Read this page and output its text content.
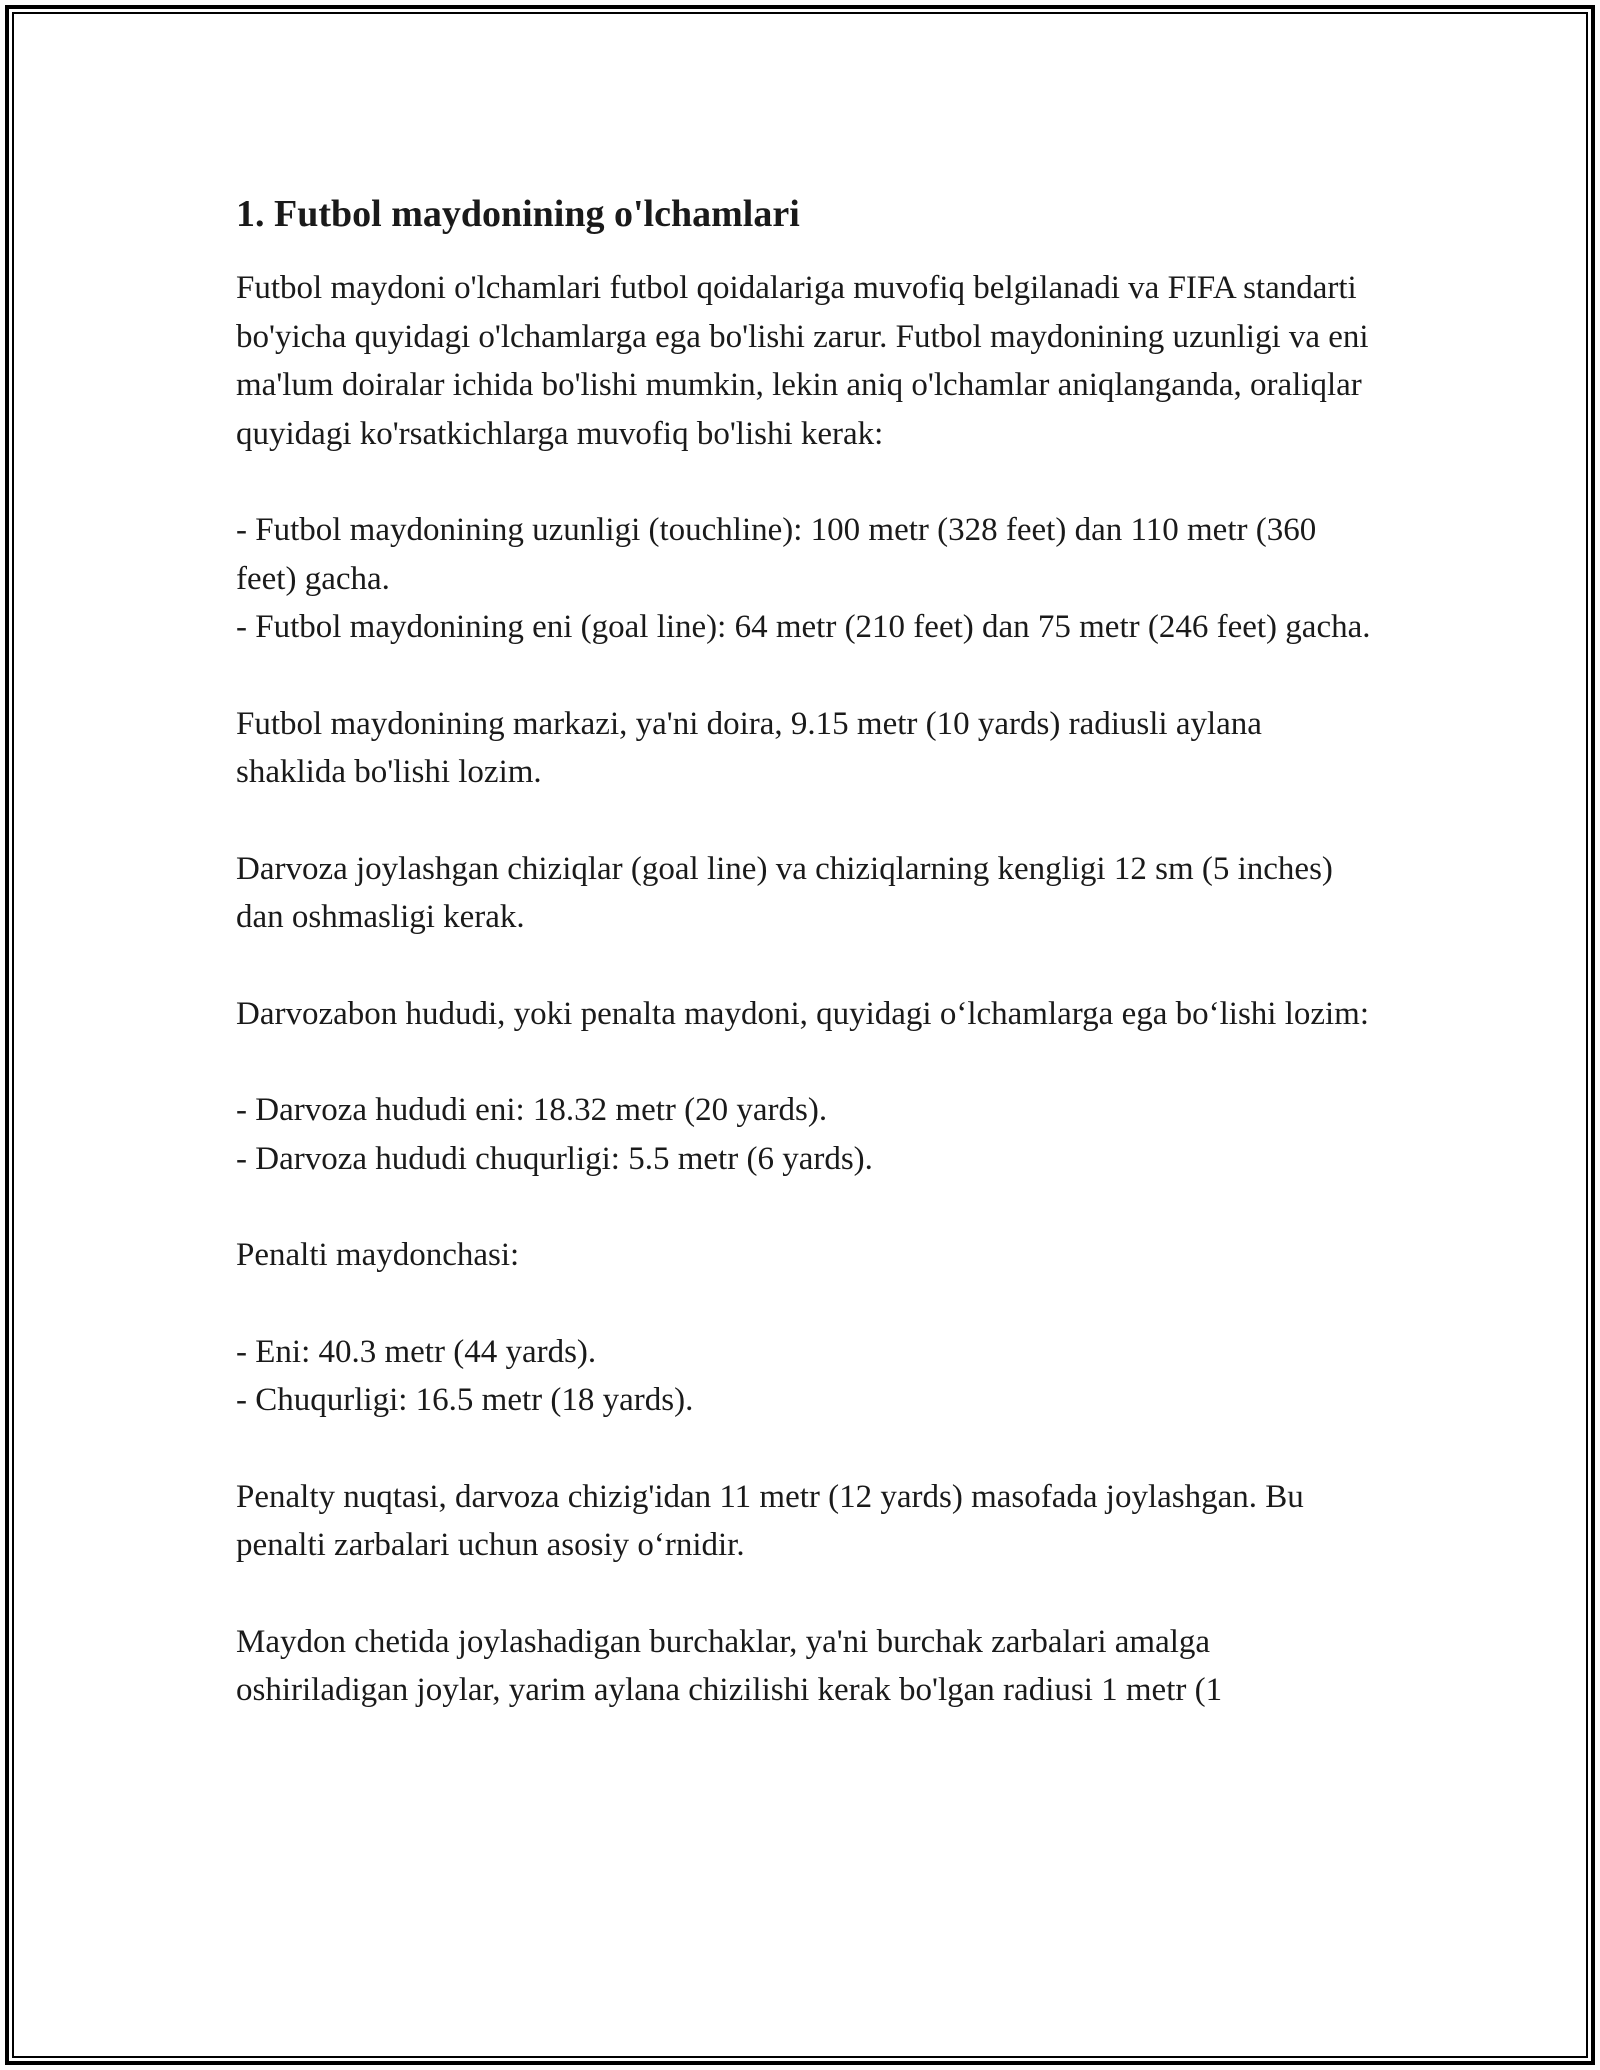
1. Futbol maydonining o'lchamlari

Futbol maydoni o'lchamlari futbol qoidalariga muvofiq belgilanadi va FIFA standarti bo'yicha quyidagi o'lchamlarga ega bo'lishi zarur. Futbol maydonining uzunligi va eni ma'lum doiralar ichida bo'lishi mumkin, lekin aniq o'lchamlar aniqlanganda, oraliqlar quyidagi ko'rsatkichlarga muvofiq bo'lishi kerak:

- Futbol maydonining uzunligi (touchline): 100 metr (328 feet) dan 110 metr (360 feet) gacha.
- Futbol maydonining eni (goal line): 64 metr (210 feet) dan 75 metr (246 feet) gacha.

Futbol maydonining markazi, ya'ni doira, 9.15 metr (10 yards) radiusli aylana shaklida bo'lishi lozim.

Darvoza joylashgan chiziqlar (goal line) va chiziqlarning kengligi 12 sm (5 inches) dan oshmasligi kerak.

Darvozabon hududi, yoki penalta maydoni, quyidagi o‘lchamlarga ega bo‘lishi lozim:

- Darvoza hududi eni: 18.32 metr (20 yards).
- Darvoza hududi chuqurligi: 5.5 metr (6 yards).

Penalti maydonchasi:

- Eni: 40.3 metr (44 yards).
- Chuqurligi: 16.5 metr (18 yards).

Penalty nuqtasi, darvoza chizig'idan 11 metr (12 yards) masofada joylashgan. Bu penalti zarbalari uchun asosiy o‘rnidir.

Maydon chetida joylashadigan burchaklar, ya'ni burchak zarbalari amalga oshiriladigan joylar, yarim aylana chizilishi kerak bo'lgan radiusi 1 metr (1
